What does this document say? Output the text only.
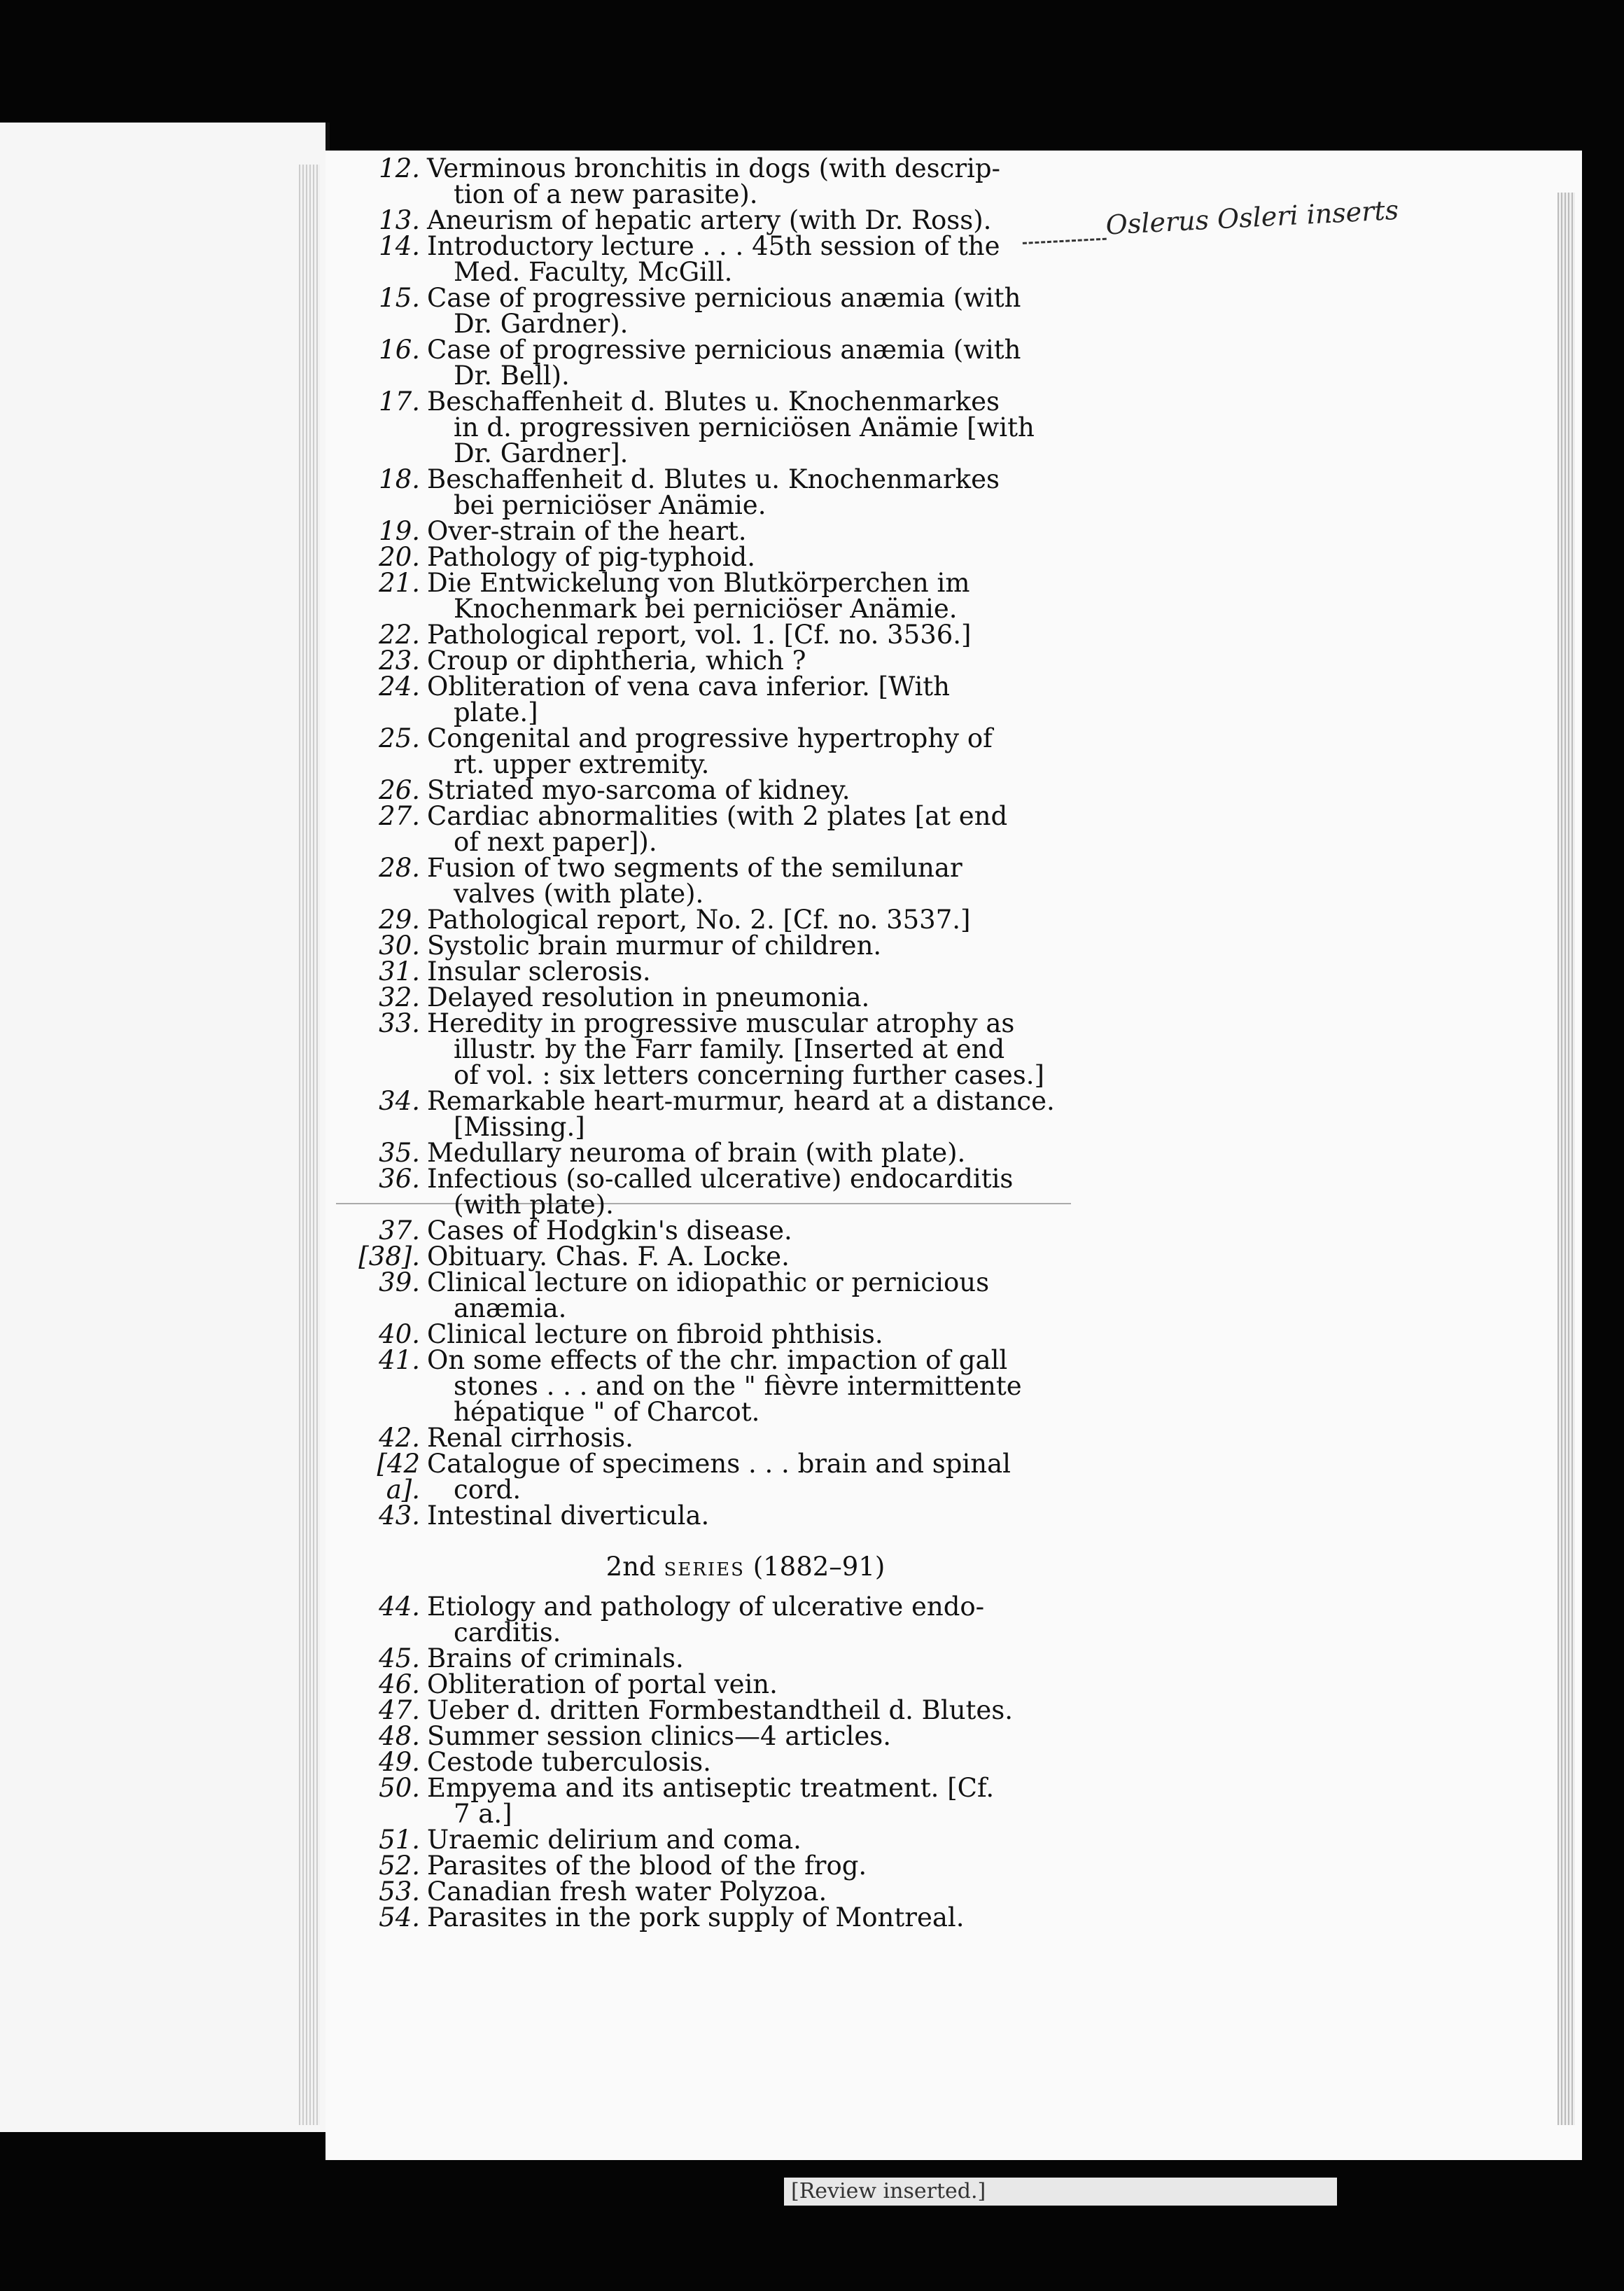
Oslerus Osleri inserts
12. Verminous bronchitis in dogs (with descrip-
tion of a new parasite).
13. Aneurism of hepatic artery (with Dr. Ross).
14. Introductory lecture . . . 45th session of the
Med. Faculty, McGill.
15. Case of progressive pernicious anæmia (with
Dr. Gardner).
16. Case of progressive pernicious anæmia (with
Dr. Bell).
17. Beschaffenheit d. Blutes u. Knochenmarkes
in d. progressiven perniciösen Anämie [with
Dr. Gardner].
18. Beschaffenheit d. Blutes u. Knochenmarkes
bei perniciöser Anämie.
19. Over-strain of the heart.
20. Pathology of pig-typhoid.
21. Die Entwickelung von Blutkörperchen im
Knochenmark bei perniciöser Anämie.
22. Pathological report, vol. 1. [Cf. no. 3536.]
23. Croup or diphtheria, which ?
24. Obliteration of vena cava inferior. [With
plate.]
25. Congenital and progressive hypertrophy of
rt. upper extremity.
26. Striated myo-sarcoma of kidney.
27. Cardiac abnormalities (with 2 plates [at end
of next paper]).
28. Fusion of two segments of the semilunar
valves (with plate).
29. Pathological report, No. 2. [Cf. no. 3537.]
30. Systolic brain murmur of children.
31. Insular sclerosis.
32. Delayed resolution in pneumonia.
33. Heredity in progressive muscular atrophy as
illustr. by the Farr family. [Inserted at end
of vol. : six letters concerning further cases.]
34. Remarkable heart-murmur, heard at a distance.
[Missing.]
35. Medullary neuroma of brain (with plate).
36. Infectious (so-called ulcerative) endocarditis
(with plate).
37. Cases of Hodgkin's disease.
[38]. Obituary. Chas. F. A. Locke.
39. Clinical lecture on idiopathic or pernicious
anæmia.
40. Clinical lecture on fibroid phthisis.
41. On some effects of the chr. impaction of gall
stones . . . and on the " fièvre intermittente
hépatique " of Charcot.
42. Renal cirrhosis.
[42 a].
Catalogue of specimens . . . brain and spinal
cord.
43. Intestinal diverticula.
2nd series (1882–91)
44. Etiology and pathology of ulcerative endo-
carditis.
45. Brains of criminals.
46. Obliteration of portal vein.
47. Ueber d. dritten Formbestandtheil d. Blutes.
48. Summer session clinics—4 articles.
49. Cestode tuberculosis.
50. Empyema and its antiseptic treatment. [Cf.
7 a.]
51. Uraemic delirium and coma.
52. Parasites of the blood of the frog.
53. Canadian fresh water Polyzoa.
54. Parasites in the pork supply of Montreal.
[Review inserted.]
